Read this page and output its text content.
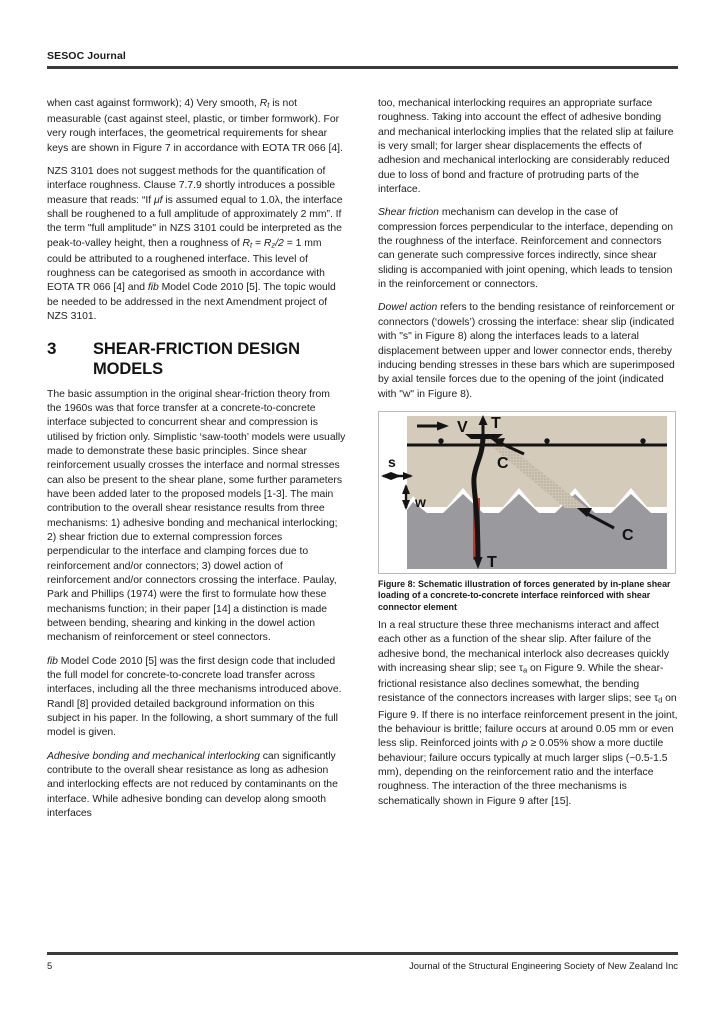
SESOC Journal

when cast against formwork); 4) Very smooth, $R_t$ is not measurable (cast against steel, plastic, or timber formwork). For very rough interfaces, the geometrical requirements for shear keys are shown in Figure 7 in accordance with EOTA TR 066 [4].

NZS 3101 does not suggest methods for the quantification of interface roughness. Clause 7.7.9 shortly introduces a possible measure that reads: “If μf is assumed equal to 1.0λ, the interface shall be roughened to a full amplitude of approximately 2 mm”. If the term "full amplitude" in NZS 3101 could be interpreted as the peak-to-valley height, then a roughness of $R_t = R_z/2 = 1$ mm could be attributed to a roughened interface. This level of roughness can be categorised as smooth in accordance with EOTA TR 066 [4] and fib Model Code 2010 [5]. The topic would be needed to be addressed in the next Amendment project of NZS 3101.

3	SHEAR-FRICTION DESIGN MODELS

The basic assumption in the original shear-friction theory from the 1960s was that force transfer at a concrete-to-concrete interface subjected to concurrent shear and compression is utilised by friction only. Simplistic ‘saw-tooth’ models were usually made to demonstrate these basic principles. Since shear reinforcement usually crosses the interface and normal stresses can also be present to the shear plane, some further parameters have been added later to the proposed models [1-3]. The main contribution to the overall shear resistance results from three mechanisms: 1) adhesive bonding and mechanical interlocking; 2) shear friction due to external compression forces perpendicular to the interface and clamping forces due to reinforcement and/or connectors; 3) dowel action of reinforcement and/or connectors crossing the interface. Paulay, Park and Phillips (1974) were the first to formulate how these mechanisms function; in their paper [14] a distinction is made between bending, shearing and kinking in the dowel action mechanism of reinforcement or steel connectors.

fib Model Code 2010 [5] was the first design code that included the full model for concrete-to-concrete load transfer across interfaces, including all the three mechanisms introduced above. Randl [8] provided detailed background information on this subject in his paper. In the following, a short summary of the full model is given.

Adhesive bonding and mechanical interlocking can significantly contribute to the overall shear resistance as long as adhesion and interlocking effects are not reduced by contaminants on the interface. While adhesive bonding can develop along smooth interfaces

too, mechanical interlocking requires an appropriate surface roughness. Taking into account the effect of adhesive bonding and mechanical interlocking implies that the related slip at failure is very small; for larger shear displacements the effects of adhesion and mechanical interlocking are considerably reduced due to loss of bond and fracture of protruding parts of the interface.

Shear friction mechanism can develop in the case of compression forces perpendicular to the interface, depending on the roughness of the interface. Reinforcement and connectors can generate such compressive forces indirectly, since shear sliding is accompanied with joint opening, which leads to tension in the reinforcement or connectors.

Dowel action refers to the bending resistance of reinforcement or connectors (‘dowels’) crossing the interface: shear slip (indicated with "s" in Figure 8) along the interfaces leads to a lateral displacement between upper and lower connector ends, thereby inducing bending stresses in these bars which are superimposed by axial tensile forces due to the opening of the joint (indicated with "w" in Figure 8).

V T
C
C
T
s
w
Figure 8: Schematic illustration of forces generated by in-plane shear loading of a concrete-to-concrete interface reinforced with shear connector element

In a real structure these three mechanisms interact and affect each other as a function of the shear slip. After failure of the adhesive bond, the mechanical interlock also decreases quickly with increasing shear slip; see τa on Figure 9. While the shear-frictional resistance also declines somewhat, the bending resistance of the connectors increases with larger slips; see τd on Figure 9. If there is no interface reinforcement present in the joint, the behaviour is brittle; failure occurs at around 0.05 mm or even less slip. Reinforced joints with ρ ≥ 0.05% show a more ductile behaviour; failure occurs typically at much larger slips (~0.5-1.5 mm), depending on the reinforcement ratio and the interface roughness. The interaction of the three mechanisms is schematically shown in Figure 9 after [15].

5	Journal of the Structural Engineering Society of New Zealand Inc
